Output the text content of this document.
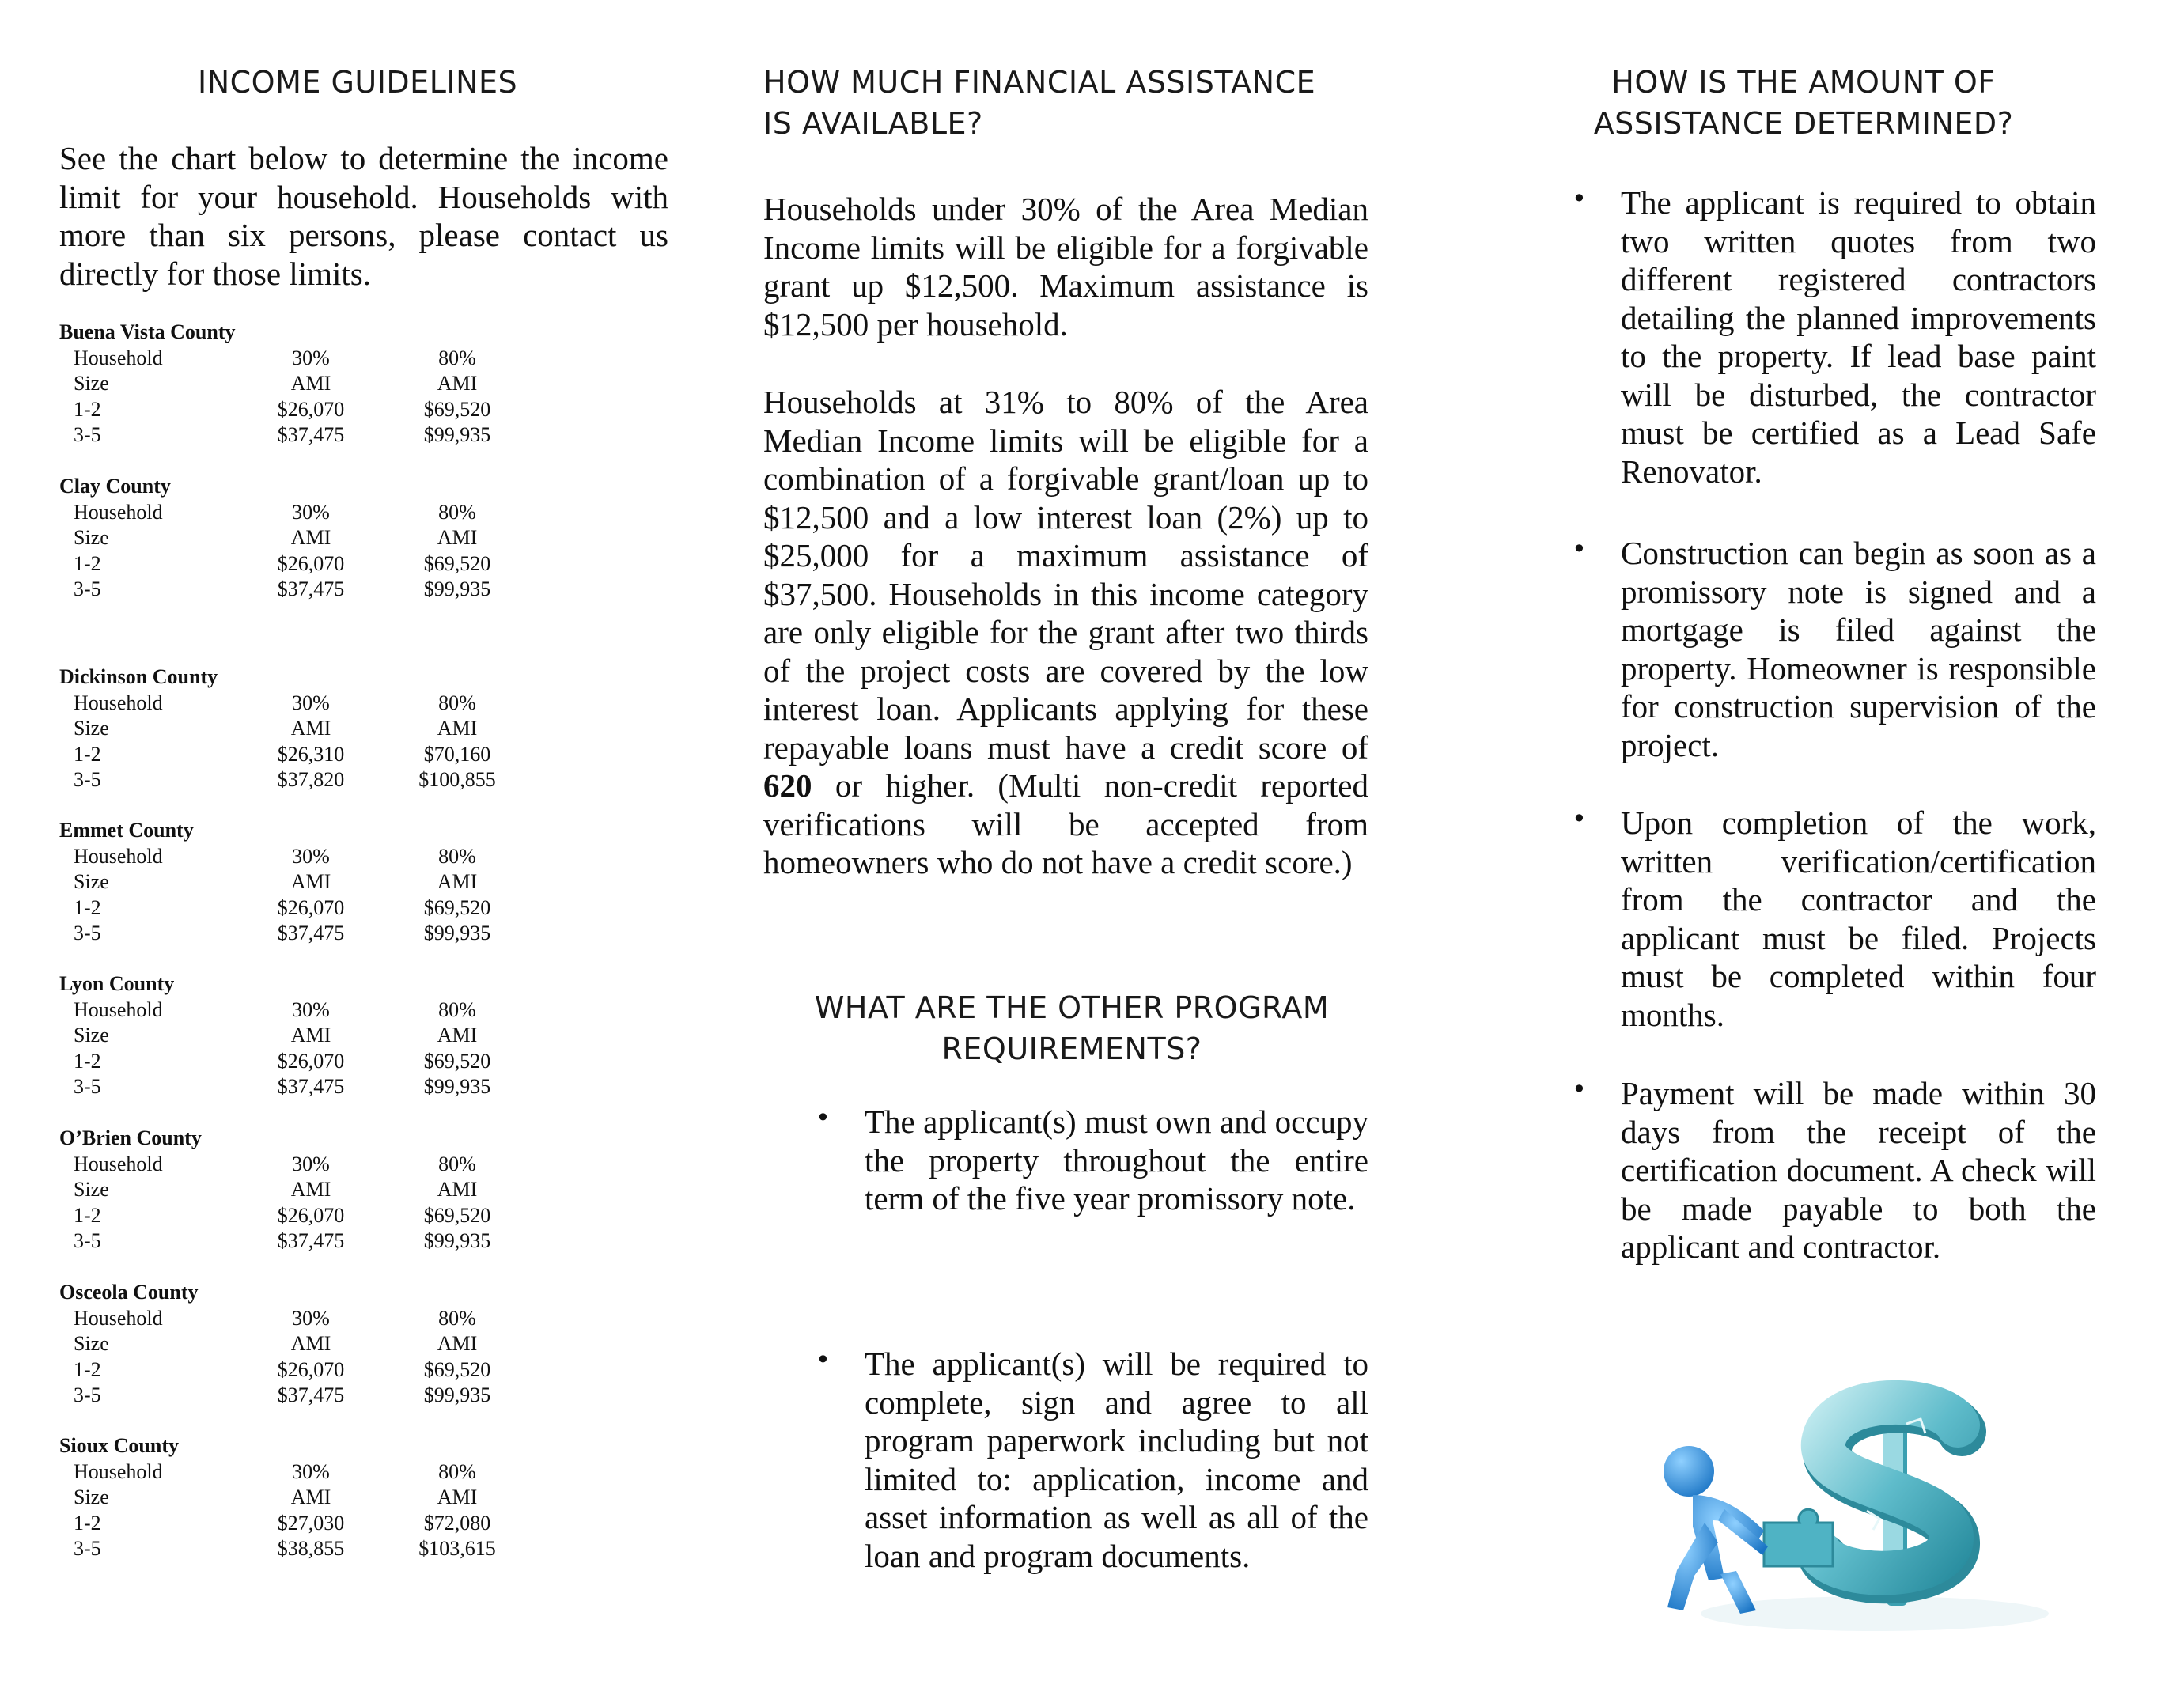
INCOME GUIDELINES

See the chart below to determine the income limit for your household. Households with more than six persons, please contact us directly for those limits.

Buena Vista County
Household	30%	80%
Size	AMI	AMI
1-2	$26,070	$69,520
3-5	$37,475	$99,935
Clay County
Household	30%	80%
Size	AMI	AMI
1-2	$26,070	$69,520
3-5	$37,475	$99,935
Dickinson County
Household	30%	80%
Size	AMI	AMI
1-2	$26,310	$70,160
3-5	$37,820	$100,855
Emmet County
Household	30%	80%
Size	AMI	AMI
1-2	$26,070	$69,520
3-5	$37,475	$99,935
Lyon County
Household	30%	80%
Size	AMI	AMI
1-2	$26,070	$69,520
3-5	$37,475	$99,935
O’Brien County
Household	30%	80%
Size	AMI	AMI
1-2	$26,070	$69,520
3-5	$37,475	$99,935
Osceola County
Household	30%	80%
Size	AMI	AMI
1-2	$26,070	$69,520
3-5	$37,475	$99,935
Sioux County
Household	30%	80%
Size	AMI	AMI
1-2	$27,030	$72,080
3-5	$38,855	$103,615
HOW MUCH FINANCIAL ASSISTANCE
IS AVAILABLE?

Households under 30% of the Area Median Income limits will be eligible for a forgivable grant up $12,500. Maximum assistance is $12,500 per household.

Households at 31% to 80% of the Area Median Income limits will be eligible for a combination of a forgivable grant/loan up to $12,500 and a low interest loan (2%) up to $25,000 for a maximum assistance of $37,500. Households in this income category are only eligible for the grant after two thirds of the project costs are covered by the low interest loan. Applicants applying for these repayable loans must have a credit score of 620 or higher. (Multi non-credit reported verifications will be accepted from homeowners who do not have a credit score.)

WHAT ARE THE OTHER PROGRAM
REQUIREMENTS?
• The applicant(s) must own and occupy the property throughout the entire term of the five year promissory note.

• The applicant(s) will be required to complete, sign and agree to all program paperwork including but not limited to: application, income and asset information as well as all of the loan and program documents.

HOW IS THE AMOUNT OF
ASSISTANCE DETERMINED?
• The applicant is required to obtain two written quotes from two different registered contractors detailing the planned improvements to the property. If lead base paint will be disturbed, the contractor must be certified as a Lead Safe Renovator.

• Construction can begin as soon as a promissory note is signed and a mortgage is filed against the property. Homeowner is responsible for construction supervision of the project.

• Upon completion of the work, written verification/certification from the contractor and the applicant must be filed. Projects must be completed within four months.

• Payment will be made within 30 days from the receipt of the certification document. A check will be made payable to both the applicant and contractor.
